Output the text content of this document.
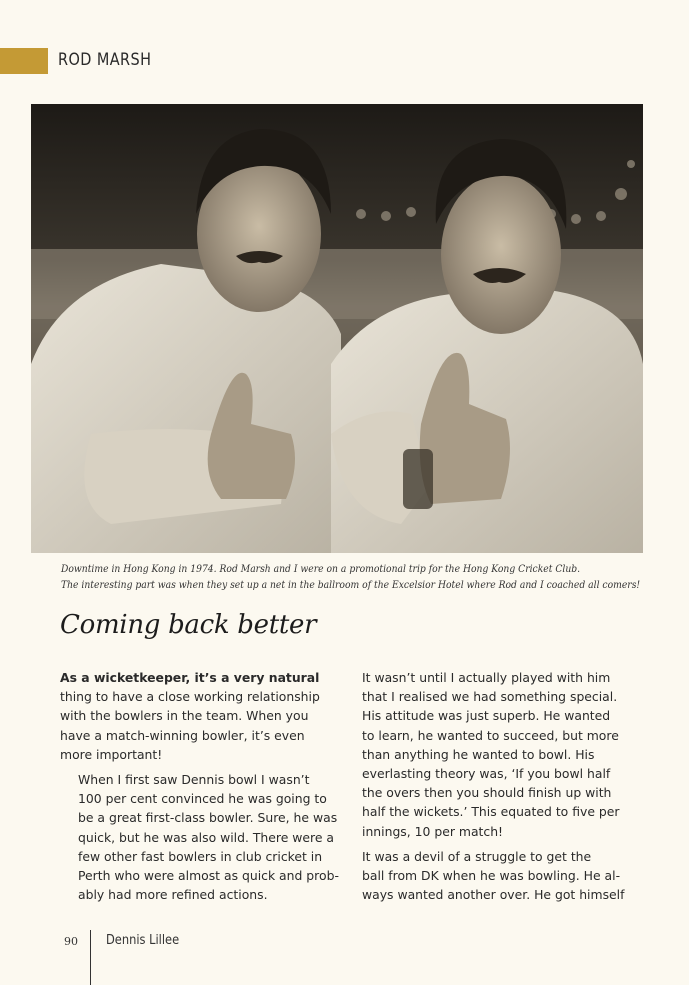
ROD MARSH
Downtime in Hong Kong in 1974. Rod Marsh and I were on a promotional trip for the Hong Kong Cricket Club.
The interesting part was when they set up a net in the ballroom of the Excelsior Hotel where Rod and I coached all comers!
Coming back better

As a wicketkeeper, it’s a very natural
thing to have a close working relationship
with the bowlers in the team. When you
have a match-winning bowler, it’s even
more important!

When I first saw Dennis bowl I wasn’t
100 per cent convinced he was going to
be a great first-class bowler. Sure, he was
quick, but he was also wild. There were a
few other fast bowlers in club cricket in
Perth who were almost as quick and prob-
ably had more refined actions.

It wasn’t until I actually played with him
that I realised we had something special.
His attitude was just superb. He wanted
to learn, he wanted to succeed, but more
than anything he wanted to bowl. His
everlasting theory was, ‘If you bowl half
the overs then you should finish up with
half the wickets.’ This equated to five per
innings, 10 per match!

It was a devil of a struggle to get the
ball from DK when he was bowling. He al-
ways wanted another over. He got himself

90 Dennis Lillee
